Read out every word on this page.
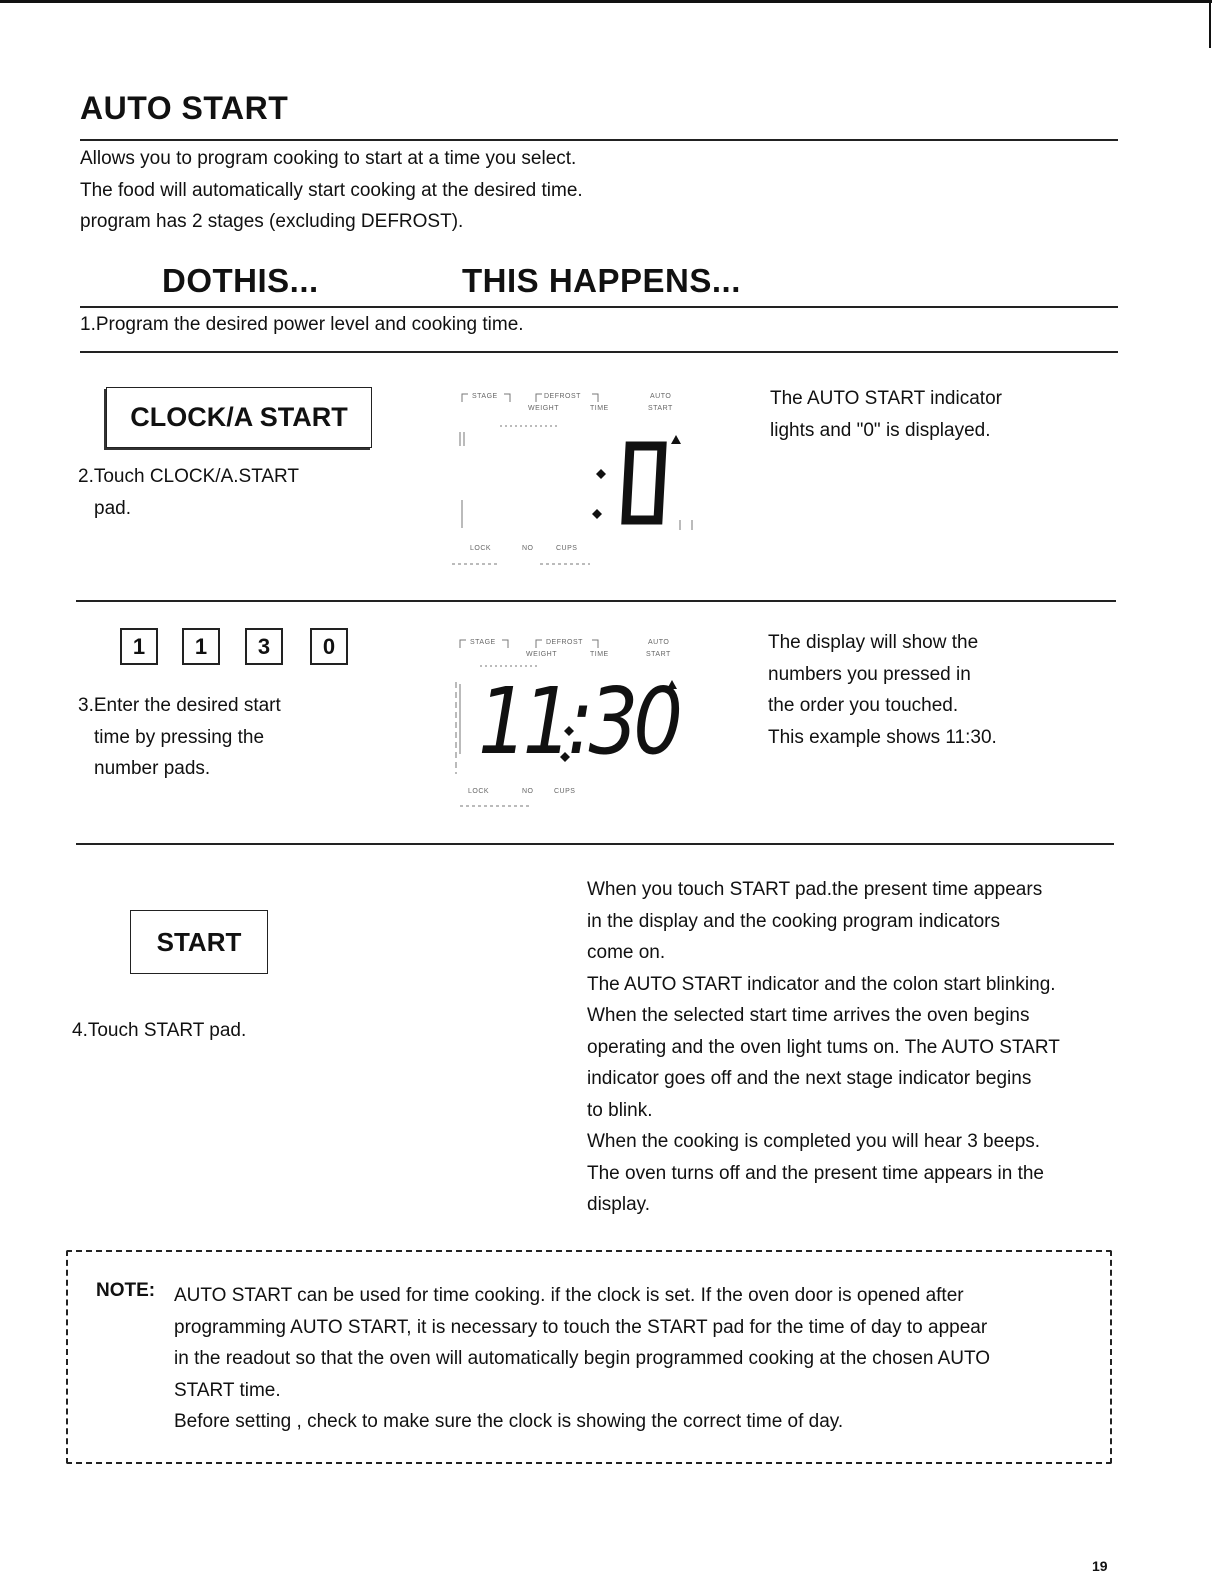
AUTO START
Allows you to program cooking to start at a time you select.
The food will automatically start cooking at the desired time.
program has 2 stages (excluding DEFROST).
DOTHIS...	THIS HAPPENS...
1.Program the desired power level and cooking time.
CLOCK/A START
2.Touch CLOCK/A.START
pad.
STAGE	DEFROST	AUTO
WEIGHT	TIME	START
LOCK	NO	CUPS
The AUTO START indicator
lights and "0" is displayed.
1	1	3	0
3.Enter the desired start
time by pressing the
number pads.	11:30
STAGE	DEFROST	AUTO
WEIGHT	TIME	START
LOCK	NO	CUPS
The display will show the
numbers you pressed in
the order you touched.
This example shows 11:30.
START
4.Touch START pad.
When you touch START pad.the present time appears
in the display and the cooking program indicators
come on.
The AUTO START indicator and the colon start blinking.
When the selected start time arrives the oven begins
operating and the oven light tums on. The AUTO START
indicator goes off and the next stage indicator begins
to blink.
When the cooking is completed you will hear 3 beeps.
The oven turns off and the present time appears in the
display.
NOTE: AUTO START can be used for time cooking. if the clock is set. If the oven door is opened after
programming AUTO START, it is necessary to touch the START pad for the time of day to appear
in the readout so that the oven will automatically begin programmed cooking at the chosen AUTO
START time.
Before setting , check to make sure the clock is showing the correct time of day.
19
